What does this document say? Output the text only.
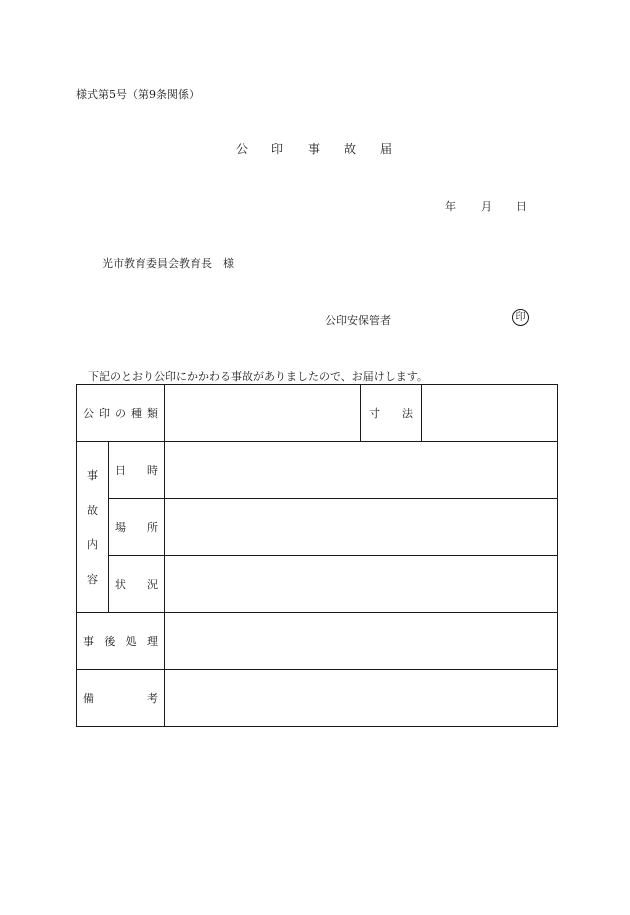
様式第5号（第9条関係）
公 印 事 故 届
年 月 日
光市教育委員会教育長　様
公印安保管者	印
下記のとおり公印にかかわる事故がありましたので、お届けします。
公 印 の 種 類			寸 法	

事
故
内
容	日 時			

	場 所			

	状 況			

事 後 処 理				

備 考				
